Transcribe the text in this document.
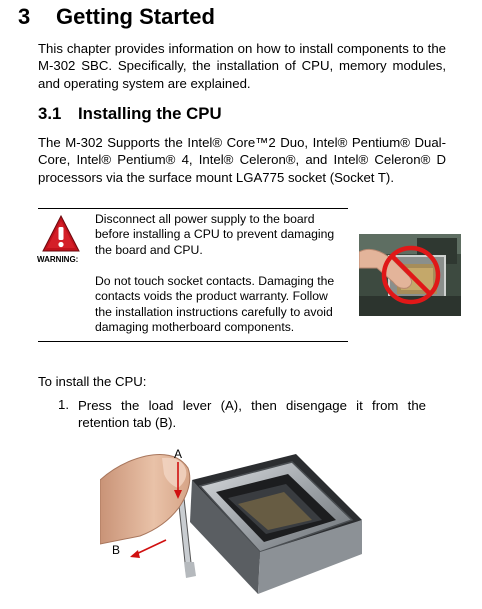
3 Getting Started
This chapter provides information on how to install components to the M-302 SBC. Specifically, the installation of CPU, memory modules, and operating system are explained.
3.1 Installing the CPU
The M-302 Supports the Intel® Core™2 Duo, Intel® Pentium® Dual-Core, Intel® Pentium® 4, Intel® Celeron®, and Intel® Celeron® D processors via the surface mount LGA775 socket (Socket T).
WARNING:
Disconnect all power supply to the board before installing a CPU to prevent damaging the board and CPU.
Do not touch socket contacts. Damaging the contacts voids the product warranty. Follow the installation instructions carefully to avoid damaging motherboard components.
To install the CPU:
1. Press the load lever (A), then disengage it from the retention tab (B).
A
B
